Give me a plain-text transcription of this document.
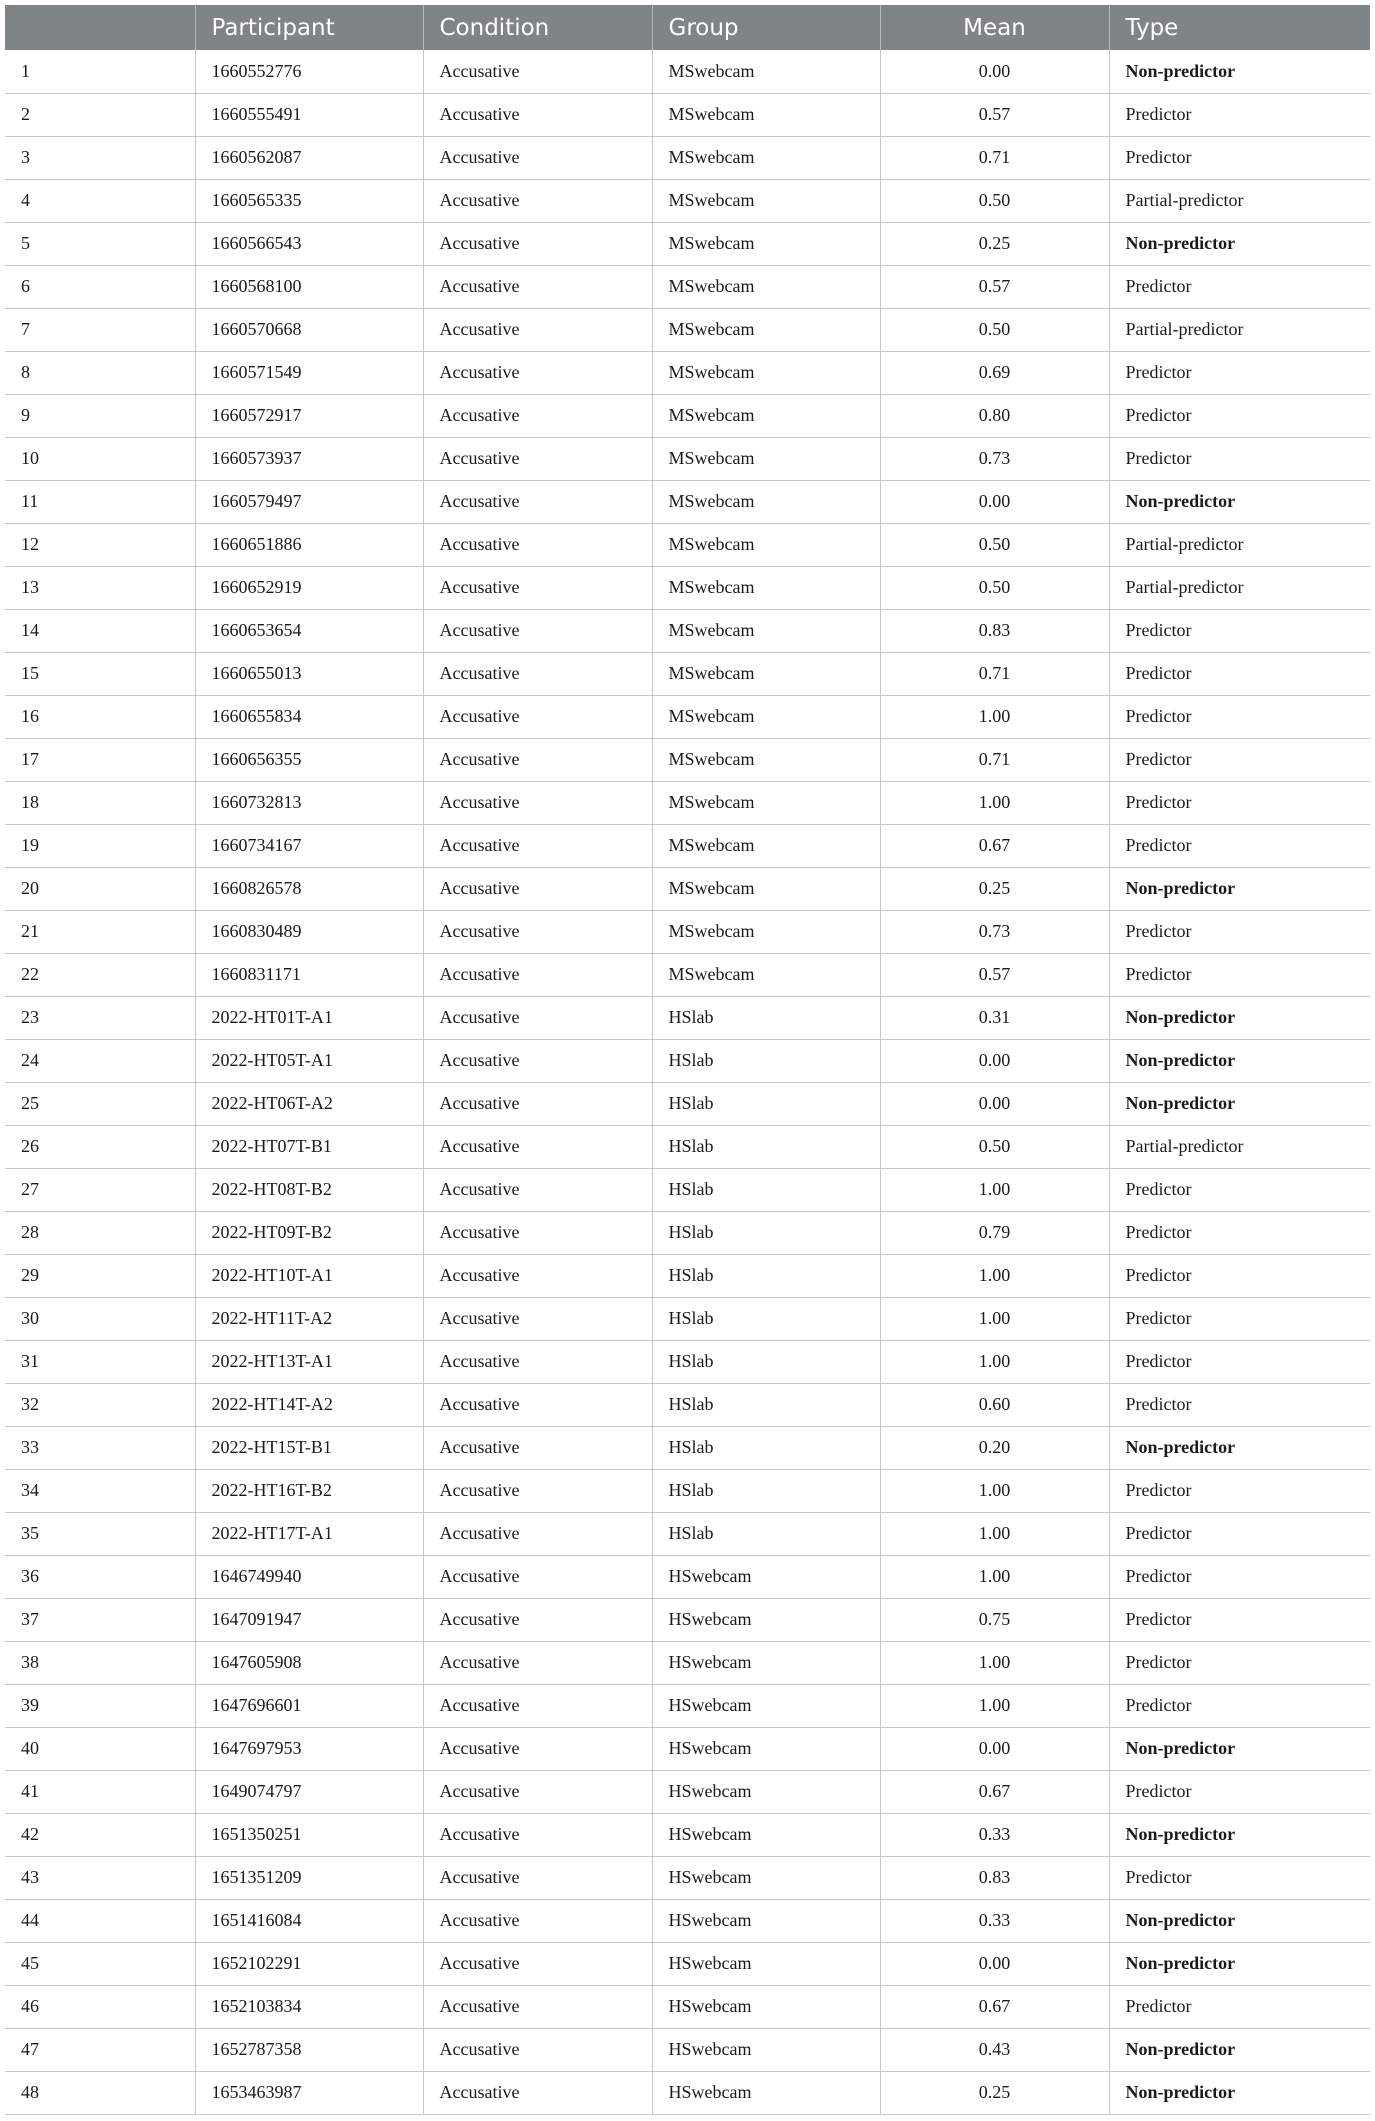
	Participant	Condition	Group	Mean	Type
1	1660552776	Accusative	MSwebcam	0.00	Non-predictor
2	1660555491	Accusative	MSwebcam	0.57	Predictor
3	1660562087	Accusative	MSwebcam	0.71	Predictor
4	1660565335	Accusative	MSwebcam	0.50	Partial-predictor
5	1660566543	Accusative	MSwebcam	0.25	Non-predictor
6	1660568100	Accusative	MSwebcam	0.57	Predictor
7	1660570668	Accusative	MSwebcam	0.50	Partial-predictor
8	1660571549	Accusative	MSwebcam	0.69	Predictor
9	1660572917	Accusative	MSwebcam	0.80	Predictor
10	1660573937	Accusative	MSwebcam	0.73	Predictor
11	1660579497	Accusative	MSwebcam	0.00	Non-predictor
12	1660651886	Accusative	MSwebcam	0.50	Partial-predictor
13	1660652919	Accusative	MSwebcam	0.50	Partial-predictor
14	1660653654	Accusative	MSwebcam	0.83	Predictor
15	1660655013	Accusative	MSwebcam	0.71	Predictor
16	1660655834	Accusative	MSwebcam	1.00	Predictor
17	1660656355	Accusative	MSwebcam	0.71	Predictor
18	1660732813	Accusative	MSwebcam	1.00	Predictor
19	1660734167	Accusative	MSwebcam	0.67	Predictor
20	1660826578	Accusative	MSwebcam	0.25	Non-predictor
21	1660830489	Accusative	MSwebcam	0.73	Predictor
22	1660831171	Accusative	MSwebcam	0.57	Predictor
23	2022-HT01T-A1	Accusative	HSlab	0.31	Non-predictor
24	2022-HT05T-A1	Accusative	HSlab	0.00	Non-predictor
25	2022-HT06T-A2	Accusative	HSlab	0.00	Non-predictor
26	2022-HT07T-B1	Accusative	HSlab	0.50	Partial-predictor
27	2022-HT08T-B2	Accusative	HSlab	1.00	Predictor
28	2022-HT09T-B2	Accusative	HSlab	0.79	Predictor
29	2022-HT10T-A1	Accusative	HSlab	1.00	Predictor
30	2022-HT11T-A2	Accusative	HSlab	1.00	Predictor
31	2022-HT13T-A1	Accusative	HSlab	1.00	Predictor
32	2022-HT14T-A2	Accusative	HSlab	0.60	Predictor
33	2022-HT15T-B1	Accusative	HSlab	0.20	Non-predictor
34	2022-HT16T-B2	Accusative	HSlab	1.00	Predictor
35	2022-HT17T-A1	Accusative	HSlab	1.00	Predictor
36	1646749940	Accusative	HSwebcam	1.00	Predictor
37	1647091947	Accusative	HSwebcam	0.75	Predictor
38	1647605908	Accusative	HSwebcam	1.00	Predictor
39	1647696601	Accusative	HSwebcam	1.00	Predictor
40	1647697953	Accusative	HSwebcam	0.00	Non-predictor
41	1649074797	Accusative	HSwebcam	0.67	Predictor
42	1651350251	Accusative	HSwebcam	0.33	Non-predictor
43	1651351209	Accusative	HSwebcam	0.83	Predictor
44	1651416084	Accusative	HSwebcam	0.33	Non-predictor
45	1652102291	Accusative	HSwebcam	0.00	Non-predictor
46	1652103834	Accusative	HSwebcam	0.67	Predictor
47	1652787358	Accusative	HSwebcam	0.43	Non-predictor
48	1653463987	Accusative	HSwebcam	0.25	Non-predictor
